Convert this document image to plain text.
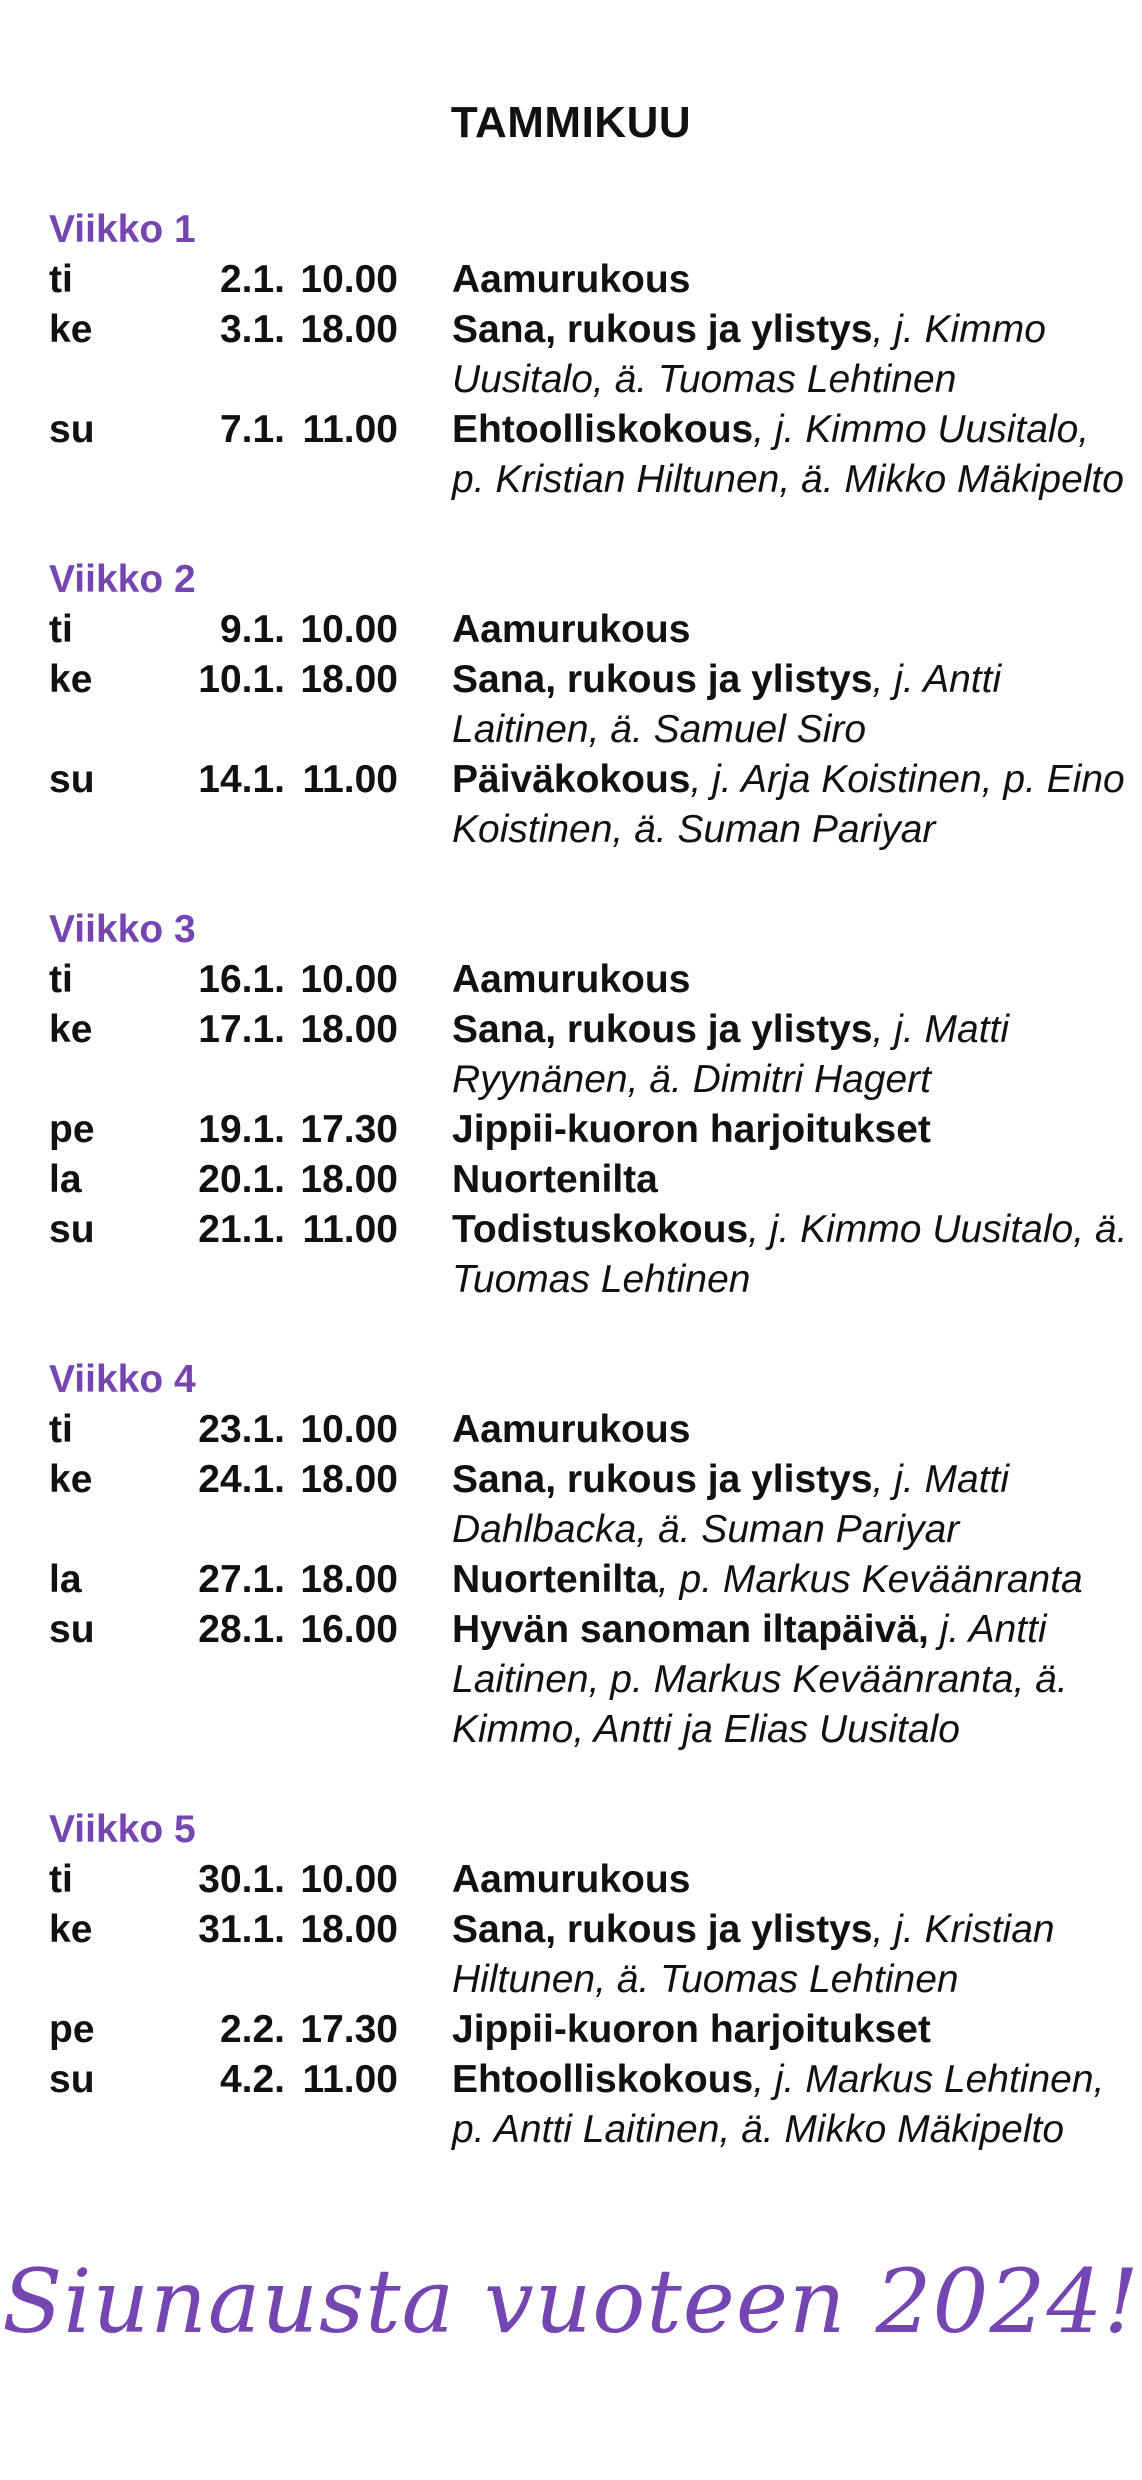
TAMMIKUU
Viikko 1
ti	2.1. 10.00 Aamurukous
ke	3.1. 18.00 Sana, rukous ja ylistys, j. Kimmo Uusitalo, ä. Tuomas Lehtinen
su	7.1. 11.00 Ehtoolliskokous, j. Kimmo Uusitalo, p. Kristian Hiltunen, ä. Mikko Mäkipelto
Viikko 2
ti	9.1. 10.00 Aamurukous
ke	10.1. 18.00 Sana, rukous ja ylistys, j. Antti Laitinen, ä. Samuel Siro
su	14.1. 11.00 Päiväkokous, j. Arja Koistinen, p. Eino Koistinen, ä. Suman Pariyar
Viikko 3
ti	16.1. 10.00 Aamurukous
ke	17.1. 18.00 Sana, rukous ja ylistys, j. Matti Ryynänen, ä. Dimitri Hagert
pe	19.1. 17.30 Jippii-kuoron harjoitukset
la	20.1. 18.00 Nuortenilta
su	21.1. 11.00 Todistuskokous, j. Kimmo Uusitalo, ä. Tuomas Lehtinen
Viikko 4
ti	23.1. 10.00 Aamurukous
ke	24.1. 18.00 Sana, rukous ja ylistys, j. Matti Dahlbacka, ä. Suman Pariyar
la	27.1. 18.00 Nuortenilta, p. Markus Keväänranta
su	28.1. 16.00 Hyvän sanoman iltapäivä, j. Antti Laitinen, p. Markus Keväänranta, ä. Kimmo, Antti ja Elias Uusitalo
Viikko 5
ti	30.1. 10.00 Aamurukous
ke	31.1. 18.00 Sana, rukous ja ylistys, j. Kristian Hiltunen, ä. Tuomas Lehtinen
pe	2.2. 17.30 Jippii-kuoron harjoitukset
su	4.2. 11.00 Ehtoolliskokous, j. Markus Lehtinen, p. Antti Laitinen, ä. Mikko Mäkipelto
Siunausta vuoteen 2024!
